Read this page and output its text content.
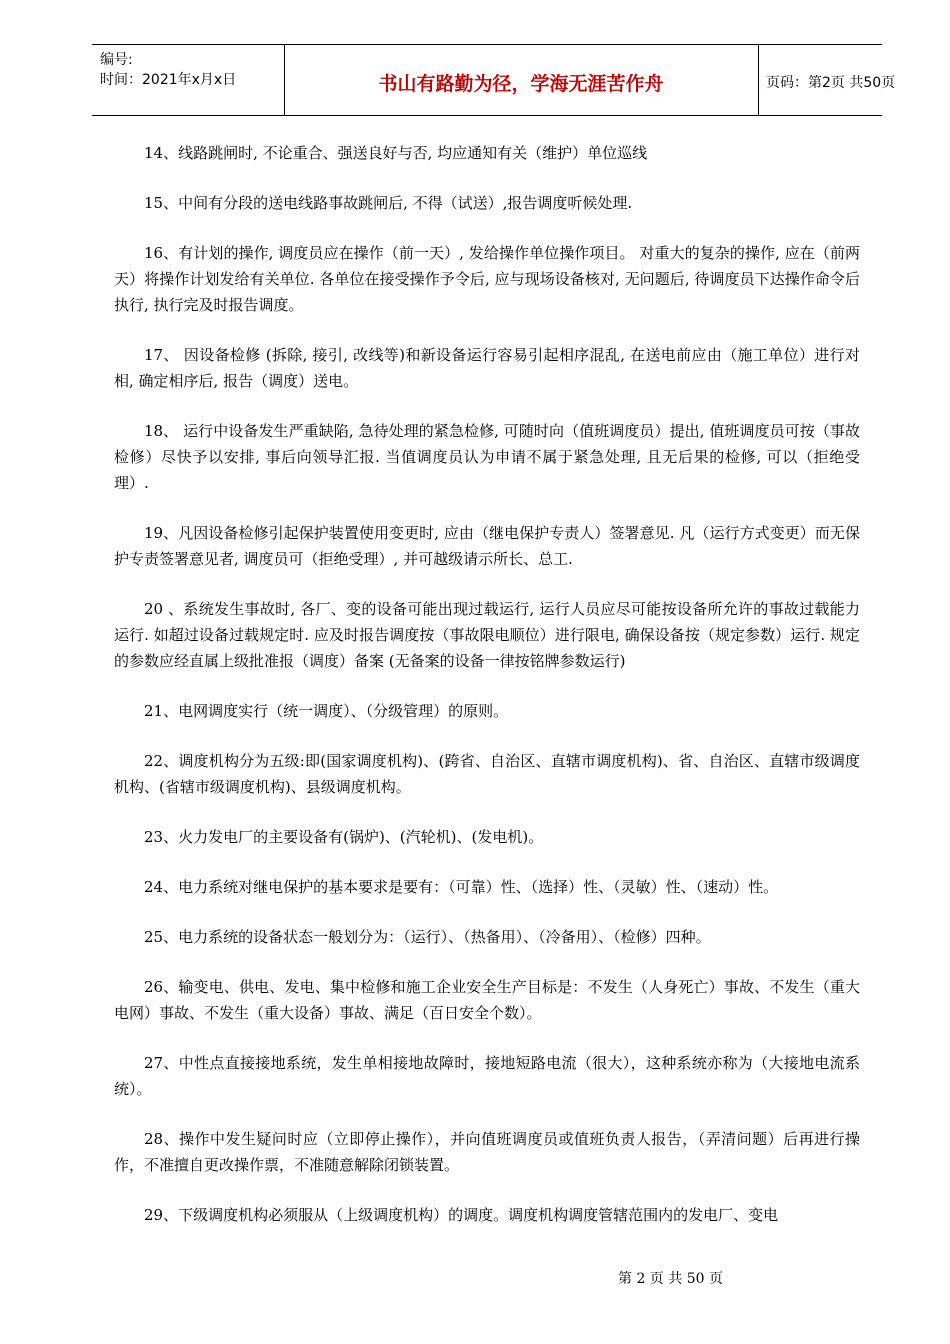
编号:
时间：2021年x月x日	书山有路勤为径，学海无涯苦作舟	页码：第2页 共50页

14、线路跳闸时, 不论重合、强送良好与否, 均应通知有关（维护）单位巡线

15、中间有分段的送电线路事故跳闸后, 不得（试送）,报告调度听候处理.

16、有计划的操作, 调度员应在操作（前一天）, 发给操作单位操作项目。 对重大的复杂的操作, 应在（前两天）将操作计划发给有关单位. 各单位在接受操作予令后, 应与现场设备核对, 无问题后, 待调度员下达操作命令后执行, 执行完及时报告调度。

17、 因设备检修 (拆除, 接引, 改线等)和新设备运行容易引起相序混乱, 在送电前应由（施工单位）进行对相, 确定相序后, 报告（调度）送电。

18、 运行中设备发生严重缺陷, 急待处理的紧急检修, 可随时向（值班调度员）提出, 值班调度员可按（事故检修）尽快予以安排, 事后向领导汇报. 当值调度员认为申请不属于紧急处理, 且无后果的检修, 可以（拒绝受理）.

19、凡因设备检修引起保护装置使用变更时, 应由（继电保护专责人）签署意见. 凡（运行方式变更）而无保护专责签署意见者, 调度员可（拒绝受理）, 并可越级请示所长、总工.

20 、系统发生事故时, 各厂、变的设备可能出现过载运行, 运行人员应尽可能按设备所允许的事故过载能力运行. 如超过设备过载规定时. 应及时报告调度按（事故限电顺位）进行限电, 确保设备按（规定参数）运行. 规定的参数应经直属上级批准报（调度）备案 (无备案的设备一律按铭牌参数运行)

21、电网调度实行（统一调度）、（分级管理）的原则。

22、调度机构分为五级:即(国家调度机构)、(跨省、自治区、直辖市调度机构)、省、自治区、直辖市级调度机构、(省辖市级调度机构)、县级调度机构。

23、火力发电厂的主要设备有(锅炉)、(汽轮机)、(发电机)。

24、电力系统对继电保护的基本要求是要有：（可靠）性、（选择）性、（灵敏）性、（速动）性。

25、电力系统的设备状态一般划分为：（运行）、（热备用）、（冷备用）、（检修）四种。

26、输变电、供电、发电、集中检修和施工企业安全生产目标是：不发生（人身死亡）事故、不发生（重大电网）事故、不发生（重大设备）事故、满足（百日安全个数）。

27、中性点直接接地系统，发生单相接地故障时，接地短路电流（很大），这种系统亦称为（大接地电流系统）。

28、操作中发生疑问时应（立即停止操作），并向值班调度员或值班负责人报告，（弄清问题）后再进行操作，不准擅自更改操作票，不准随意解除闭锁装置。

29、下级调度机构必须服从（上级调度机构）的调度。调度机构调度管辖范围内的发电厂、变电

第 2 页 共 50 页
